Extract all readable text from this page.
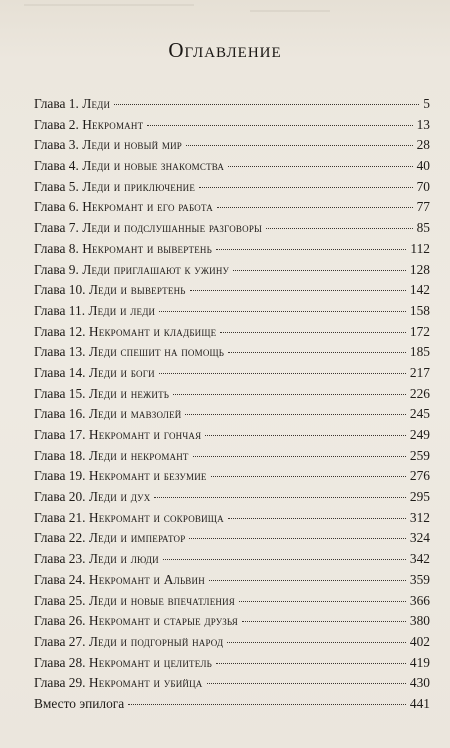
Оглавление
Глава 1. Леди	5
Глава 2. Некромант	13
Глава 3. Леди и новый мир	28
Глава 4. Леди и новые знакомства	40
Глава 5. Леди и приключение	70
Глава 6. Некромант и его работа	77
Глава 7. Леди и подслушанные разговоры	85
Глава 8. Некромант и вывертень	112
Глава 9. Леди приглашают к ужину	128
Глава 10. Леди и вывертень	142
Глава 11. Леди и леди	158
Глава 12. Некромант и кладбище	172
Глава 13. Леди спешит на помощь	185
Глава 14. Леди и боги	217
Глава 15. Леди и нежить	226
Глава 16. Леди и мавзолей	245
Глава 17. Некромант и гончая	249
Глава 18. Леди и некромант	259
Глава 19. Некромант и безумие	276
Глава 20. Леди и дух	295
Глава 21. Некромант и сокровища	312
Глава 22. Леди и император	324
Глава 23. Леди и люди	342
Глава 24. Некромант и Альвин	359
Глава 25. Леди и новые впечатления	366
Глава 26. Некромант и старые друзья	380
Глава 27. Леди и подгорный народ	402
Глава 28. Некромант и целитель	419
Глава 29. Некромант и убийца	430
Вместо эпилога	441
